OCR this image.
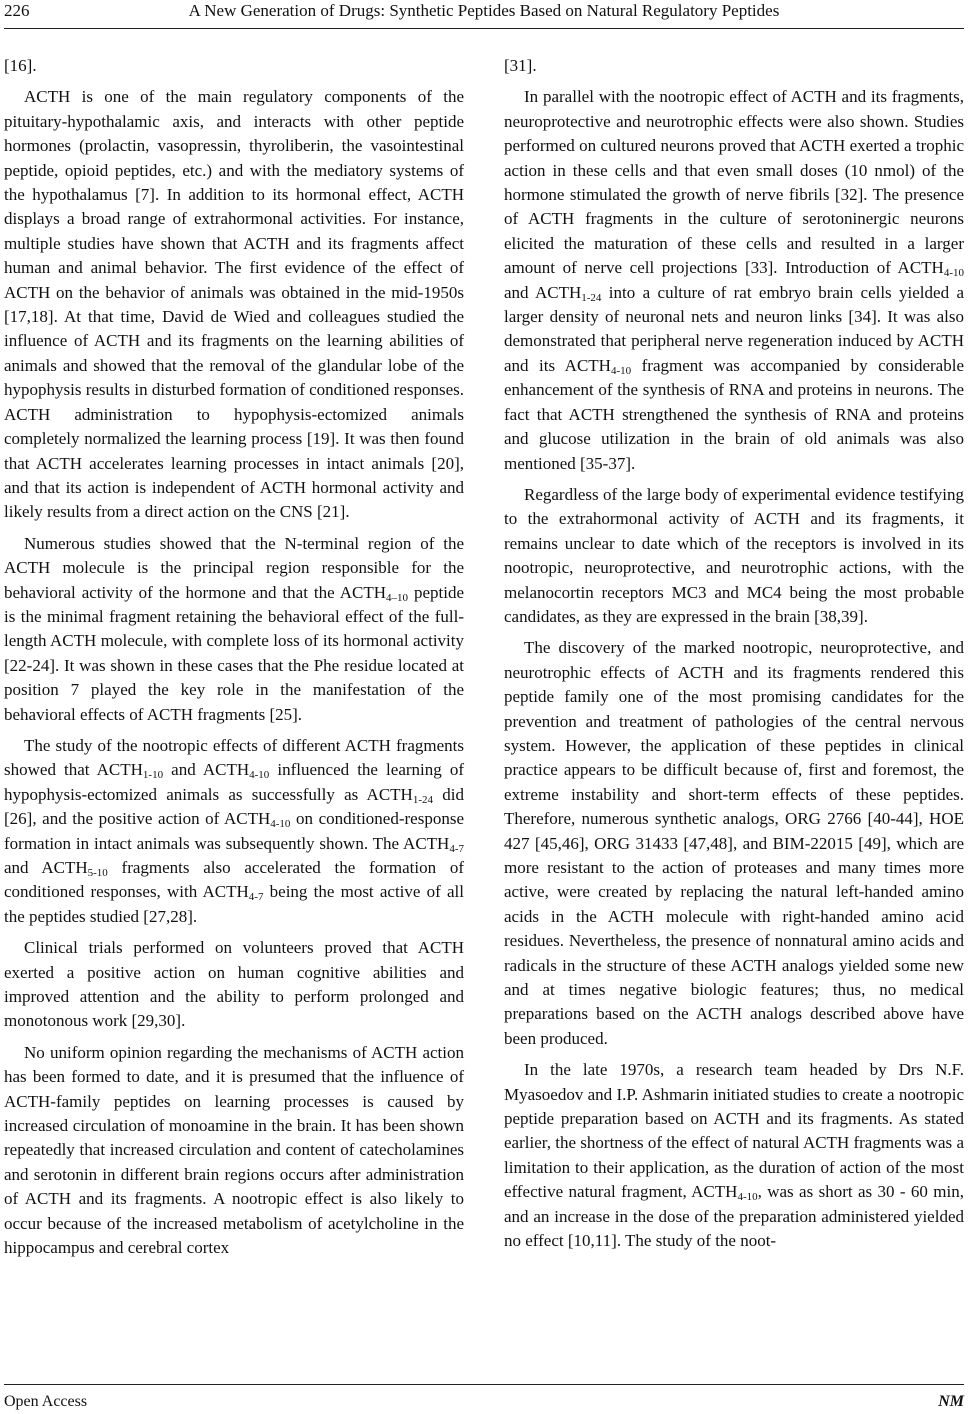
226	A New Generation of Drugs: Synthetic Peptides Based on Natural Regulatory Peptides

[16].

ACTH is one of the main regulatory components of the pituitary-hypothalamic axis, and interacts with other peptide hormones (prolactin, vasopressin, thyroliberin, the vasointestinal peptide, opioid peptides, etc.) and with the mediatory systems of the hypothalamus [7]. In addition to its hormonal effect, ACTH displays a broad range of extrahormonal activities. For instance, multiple studies have shown that ACTH and its fragments affect human and animal behavior. The first evidence of the effect of ACTH on the behavior of animals was obtained in the mid-1950s [17,18]. At that time, David de Wied and colleagues studied the influence of ACTH and its fragments on the learning abilities of animals and showed that the removal of the glandular lobe of the hypophysis results in disturbed formation of conditioned responses. ACTH administration to hypophysis-ectomized animals completely normalized the learning process [19]. It was then found that ACTH accelerates learning processes in intact animals [20], and that its action is independent of ACTH hormonal activity and likely results from a direct action on the CNS [21].

Numerous studies showed that the N-terminal region of the ACTH molecule is the principal region responsible for the behavioral activity of the hormone and that the $ACTH_{4-10}$ peptide is the minimal fragment retaining the behavioral effect of the full-length ACTH molecule, with complete loss of its hormonal activity [22-24]. It was shown in these cases that the Phe residue located at position 7 played the key role in the manifestation of the behavioral effects of ACTH fragments [25].

The study of the nootropic effects of different ACTH fragments showed that $ACTH_{1-10}$ and $ACTH_{4-10}$ influenced the learning of hypophysis-ectomized animals as successfully as $ACTH_{1-24}$ did [26], and the positive action of $ACTH_{4-10}$ on conditioned-response formation in intact animals was subsequently shown. The $ACTH_{4-7}$ and $ACTH_{5-10}$ fragments also accelerated the formation of conditioned responses, with $ACTH_{4-7}$ being the most active of all the peptides studied [27,28].

Clinical trials performed on volunteers proved that ACTH exerted a positive action on human cognitive abilities and improved attention and the ability to perform prolonged and monotonous work [29,30].

No uniform opinion regarding the mechanisms of ACTH action has been formed to date, and it is presumed that the influence of ACTH-family peptides on learning processes is caused by increased circulation of monoamine in the brain. It has been shown repeatedly that increased circulation and content of catecholamines and serotonin in different brain regions occurs after administration of ACTH and its fragments. A nootropic effect is also likely to occur because of the increased metabolism of acetylcholine in the hippocampus and cerebral cortex

[31].

In parallel with the nootropic effect of ACTH and its fragments, neuroprotective and neurotrophic effects were also shown. Studies performed on cultured neurons proved that ACTH exerted a trophic action in these cells and that even small doses (10 nmol) of the hormone stimulated the growth of nerve fibrils [32]. The presence of ACTH fragments in the culture of serotoninergic neurons elicited the maturation of these cells and resulted in a larger amount of nerve cell projections [33]. Introduction of $ACTH_{4-10}$ and $ACTH_{1-24}$ into a culture of rat embryo brain cells yielded a larger density of neuronal nets and neuron links [34]. It was also demonstrated that peripheral nerve regeneration induced by ACTH and its $ACTH_{4-10}$ fragment was accompanied by considerable enhancement of the synthesis of RNA and proteins in neurons. The fact that ACTH strengthened the synthesis of RNA and proteins and glucose utilization in the brain of old animals was also mentioned [35-37].

Regardless of the large body of experimental evidence testifying to the extrahormonal activity of ACTH and its fragments, it remains unclear to date which of the receptors is involved in its nootropic, neuroprotective, and neurotrophic actions, with the melanocortin receptors MC3 and MC4 being the most probable candidates, as they are expressed in the brain [38,39].

The discovery of the marked nootropic, neuroprotective, and neurotrophic effects of ACTH and its fragments rendered this peptide family one of the most promising candidates for the prevention and treatment of pathologies of the central nervous system. However, the application of these peptides in clinical practice appears to be difficult because of, first and foremost, the extreme instability and short-term effects of these peptides. Therefore, numerous synthetic analogs, ORG 2766 [40-44], HOE 427 [45,46], ORG 31433 [47,48], and BIM-22015 [49], which are more resistant to the action of proteases and many times more active, were created by replacing the natural left-handed amino acids in the ACTH molecule with right-handed amino acid residues. Nevertheless, the presence of nonnatural amino acids and radicals in the structure of these ACTH analogs yielded some new and at times negative biologic features; thus, no medical preparations based on the ACTH analogs described above have been produced.

In the late 1970s, a research team headed by Drs N.F. Myasoedov and I.P. Ashmarin initiated studies to create a nootropic peptide preparation based on ACTH and its fragments. As stated earlier, the shortness of the effect of natural ACTH fragments was a limitation to their application, as the duration of action of the most effective natural fragment, $ACTH_{4-10}$, was as short as 30 - 60 min, and an increase in the dose of the preparation administered yielded no effect [10,11]. The study of the noot-

Open Access	NM
